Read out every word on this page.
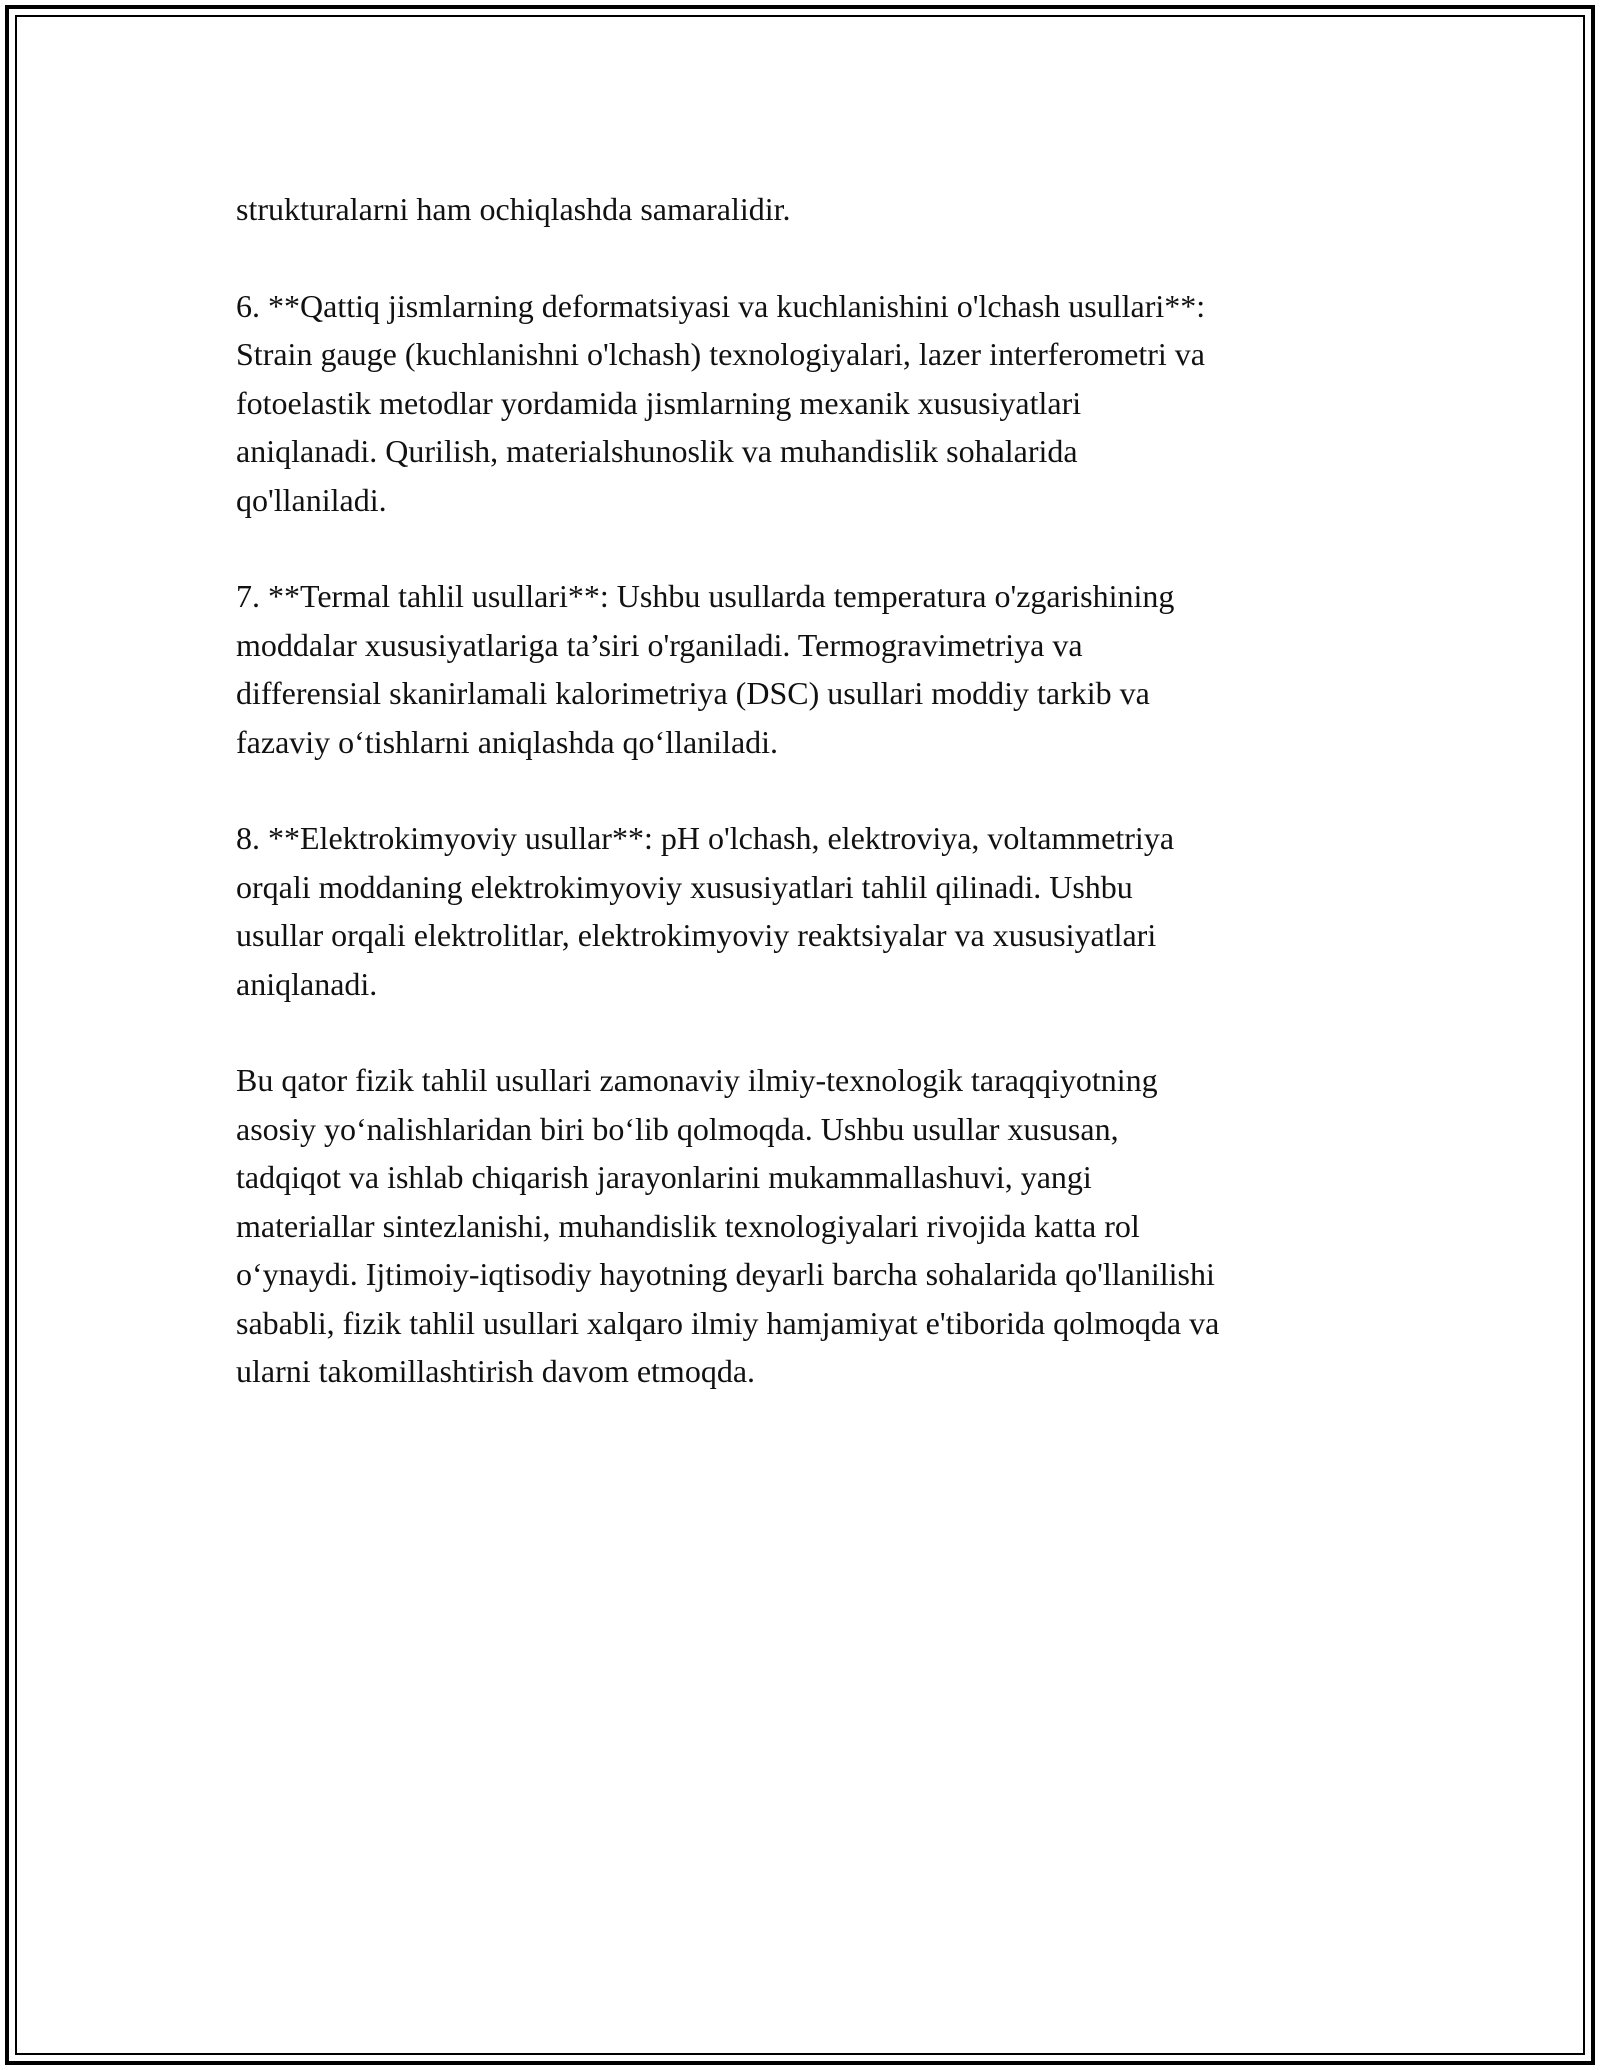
strukturalarni ham ochiqlashda samaralidir.

6. **Qattiq jismlarning deformatsiyasi va kuchlanishini o'lchash usullari**:
Strain gauge (kuchlanishni o'lchash) texnologiyalari, lazer interferometri va
fotoelastik metodlar yordamida jismlarning mexanik xususiyatlari
aniqlanadi. Qurilish, materialshunoslik va muhandislik sohalarida
qo'llaniladi.

7. **Termal tahlil usullari**: Ushbu usullarda temperatura o'zgarishining
moddalar xususiyatlariga ta’siri o'rganiladi. Termogravimetriya va
differensial skanirlamali kalorimetriya (DSC) usullari moddiy tarkib va
fazaviy o‘tishlarni aniqlashda qo‘llaniladi.

8. **Elektrokimyoviy usullar**: pH o'lchash, elektroviya, voltammetriya
orqali moddaning elektrokimyoviy xususiyatlari tahlil qilinadi. Ushbu
usullar orqali elektrolitlar, elektrokimyoviy reaktsiyalar va xususiyatlari
aniqlanadi.

Bu qator fizik tahlil usullari zamonaviy ilmiy-texnologik taraqqiyotning
asosiy yo‘nalishlaridan biri bo‘lib qolmoqda. Ushbu usullar xususan,
tadqiqot va ishlab chiqarish jarayonlarini mukammallashuvi, yangi
materiallar sintezlanishi, muhandislik texnologiyalari rivojida katta rol
o‘ynaydi. Ijtimoiy-iqtisodiy hayotning deyarli barcha sohalarida qo'llanilishi
sababli, fizik tahlil usullari xalqaro ilmiy hamjamiyat e'tiborida qolmoqda va
ularni takomillashtirish davom etmoqda.
